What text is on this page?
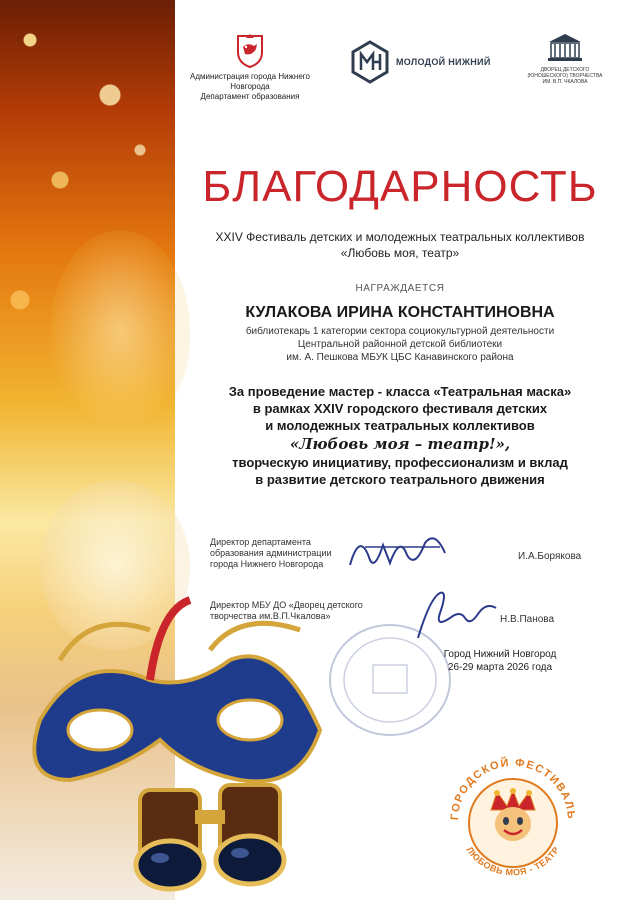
Администрация города Нижнего Новгорода
Департамент образования
МОЛОДОЙ НИЖНИЙ
ДВОРЕЦ ДЕТСКОГО
(ЮНОШЕСКОГО) ТВОРЧЕСТВА
ИМ. В.П. ЧКАЛОВА
БЛАГОДАРНОСТЬ
XXIV Фестиваль детских и молодежных театральных коллективов
«Любовь моя, театр»
НАГРАЖДАЕТСЯ
КУЛАКОВА ИРИНА КОНСТАНТИНОВНА
библиотекарь 1 категории сектора социокультурной деятельности
Центральной районной детской библиотеки
им. А. Пешкова МБУК ЦБС Канавинского района
За проведение мастер - класса «Театральная маска»
в рамках XXIV городского фестиваля детских
и молодежных театральных коллективов
«Любовь моя – театр!»,
творческую инициативу, профессионализм и вклад
в развитие детского театрального движения
Директор департамента
образования администрации
города Нижнего Новгорода
И.А.Борякова
Директор МБУ ДО «Дворец детского
творчества им.В.П.Чкалова»	Н.В.Панова
Город Нижний Новгород
26-29 марта 2026 года
ГОРОДСКОЙ ФЕСТИВАЛЬ
ЛЮБОВЬ МОЯ - ТЕАТР
